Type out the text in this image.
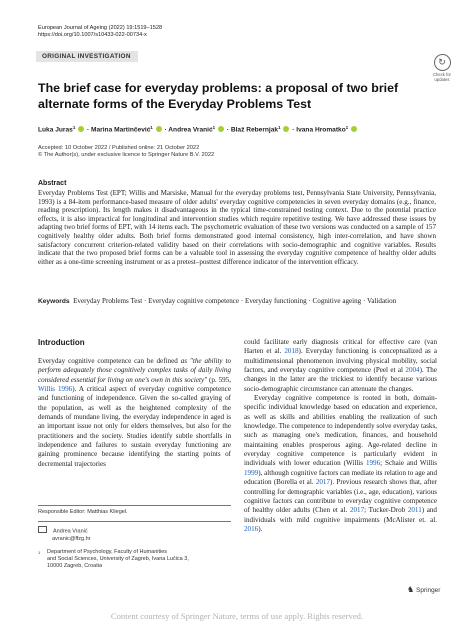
European Journal of Ageing (2022) 19:1519–1528
https://doi.org/10.1007/s10433-022-00734-x
ORIGINAL INVESTIGATION
↻
Check for updates
The brief case for everyday problems: a proposal of two brief alternate forms of the Everyday Problems Test
Luka Juras$^1$  · Marina Martinčević$^1$  · Andrea Vranić$^1$  · Blaž Rebernjak$^1$  · Ivana Hromatko$^1$
Accepted: 10 October 2022 / Published online: 21 October 2022
© The Author(s), under exclusive licence to Springer Nature B.V. 2022
Abstract
Everyday Problems Test (EPT; Willis and Marsiske, Manual for the everyday problems test, Pennsylvania State University, Pennsylvania, 1993) is a 84-item performance-based measure of older adults' everyday cognitive competencies in seven everyday domains (e.g., finance, reading prescription). Its length makes it disadvantageous in the typical time-constrained testing context. Due to the potential practice effects, it is also impractical for longitudinal and intervention studies which require repetitive testing. We have addressed these issues by adapting two brief forms of EPT, with 14 items each. The psychometric evaluation of these two versions was conducted on a sample of 157 cognitively healthy older adults. Both brief forms demonstrated good internal consistency, high inter-correlation, and have shown satisfactory concurrent criterion-related validity based on their correlations with socio-demographic and cognitive variables. Results indicate that the two proposed brief forms can be a valuable tool in assessing the everyday cognitive competence of healthy older adults either as a one-time screening instrument or as a pretest–posttest difference indicator of the intervention efficacy.
Keywords Everyday Problems Test · Everyday cognitive competence · Everyday functioning · Cognitive ageing · Validation
Introduction
Everyday cognitive competence can be defined as "the ability to perform adequately those cognitively complex tasks of daily living considered essential for living on one's own in this society" (p. 595, Willis 1996). A critical aspect of everyday cognitive competence and functioning of independence. Given the so-called graying of the population, as well as the heightened complexity of the demands of mundane living, the everyday independence in aged is an important issue not only for elders themselves, but also for the practitioners and the society. Studies identify subtle shortfalls in independence and failures to sustain everyday functioning are gaining prominence because identifying the starting points of decremental trajectories
could facilitate early diagnosis critical for effective care (van Harten et al. 2018). Everyday functioning is conceptualized as a multidimensional phenomenon involving physical mobility, social factors, and everyday cognitive competence (Peel et al 2004). The changes in the latter are the trickiest to identify because various socio-demographic circumstance can attenuate the changes.
Everyday cognitive competence is rooted in both, domain-specific individual knowledge based on education and experience, as well as skills and abilities enabling the realization of such knowledge. The competence to independently solve everyday tasks, such as managing one's medication, finances, and household maintaining enables prosperous aging. Age-related decline in everyday cognitive competence is particularly evident in individuals with lower education (Willis 1996; Schaie and Willis 1999), although cognitive factors can mediate its relation to age and education (Borella et al. 2017). Previous research shows that, after controlling for demographic variables (i.e., age, education), various cognitive factors can contribute to everyday cognitive competence of healthy older adults (Chen et al. 2017; Tucker-Drob 2011) and individuals with mild cognitive impairments (McAlister et. al. 2016).
Responsible Editor: Matthias Kliegel.
Andrea Vranić
avranic@ffzg.hr
1 Department of Psychology, Faculty of Humanities
and Social Sciences, University of Zagreb, Ivana Lučica 3,
10000 Zagreb, Croatia
♞ Springer
Content courtesy of Springer Nature, terms of use apply. Rights reserved.
